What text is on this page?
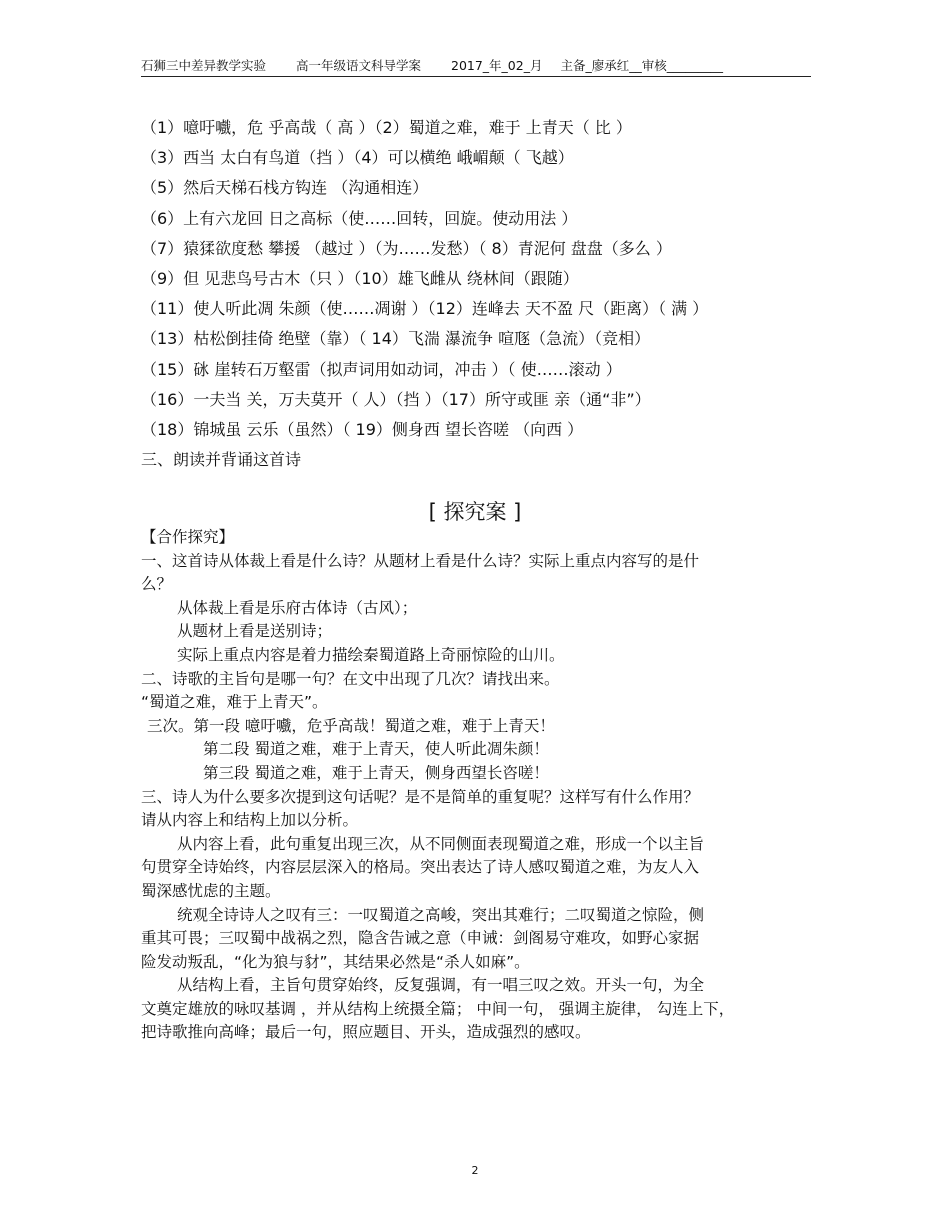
石狮三中差异教学实验 高一年级语文科导学案 2017_年_02_月 主备_廖承红__审核_________
（1）噫吁嚱，危 乎高哉（ 高 ）（2）蜀道之难，难于 上青天（ 比 ）
（3）西当 太白有鸟道（挡 ）（4）可以横绝 峨嵋颠（ 飞越）
（5）然后天梯石栈方钩连 （沟通相连）
（6）上有六龙回 日之高标（使……回转，回旋。使动用法 ）
（7）猿猱欲度愁 攀援 （越过 ）（为……发愁）（ 8）青泥何 盘盘（多么 ）
（9）但 见悲鸟号古木（只 ）（10）雄飞雌从 绕林间（跟随）
（11）使人听此凋 朱颜（使……凋谢 ）（12）连峰去 天不盈 尺（距离）（ 满 ）
（13）枯松倒挂倚 绝壁（靠）（ 14）飞湍 瀑流争 喧豗（急流）（竞相）
（15）砯 崖转石万壑雷（拟声词用如动词，冲击 ）（ 使……滚动 ）
（16）一夫当 关，万夫莫开（ 人）（挡 ）（17）所守或匪 亲（通“非”）
（18）锦城虽 云乐（虽然）（ 19）侧身西 望长咨嗟 （向西 ）
三、朗读并背诵这首诗
[ 探究案 ]
【合作探究】
一、这首诗从体裁上看是什么诗？从题材上看是什么诗？实际上重点内容写的是什
么？
从体裁上看是乐府古体诗（古风）；
从题材上看是送别诗；
实际上重点内容是着力描绘秦蜀道路上奇丽惊险的山川。
二、诗歌的主旨句是哪一句？在文中出现了几次？请找出来。
“蜀道之难，难于上青天”。
三次。第一段 噫吁嚱，危乎高哉！蜀道之难，难于上青天！
第二段 蜀道之难，难于上青天，使人听此凋朱颜！
第三段 蜀道之难，难于上青天，侧身西望长咨嗟！
三、诗人为什么要多次提到这句话呢？是不是简单的重复呢？这样写有什么作用？
请从内容上和结构上加以分析。
从内容上看，此句重复出现三次，从不同侧面表现蜀道之难，形成一个以主旨
句贯穿全诗始终，内容层层深入的格局。突出表达了诗人感叹蜀道之难，为友人入
蜀深感忧虑的主题。
统观全诗诗人之叹有三：一叹蜀道之高峻，突出其难行；二叹蜀道之惊险，侧
重其可畏；三叹蜀中战祸之烈，隐含告诫之意（申诫：剑阁易守难攻，如野心家据
险发动叛乱，“化为狼与豺”，其结果必然是“杀人如麻”。
从结构上看，主旨句贯穿始终，反复强调，有一唱三叹之效。开头一句，为全
文奠定雄放的咏叹基调 ，并从结构上统摄全篇； 中间一句， 强调主旋律， 勾连上下，
把诗歌推向高峰；最后一句，照应题目、开头，造成强烈的感叹。
2
